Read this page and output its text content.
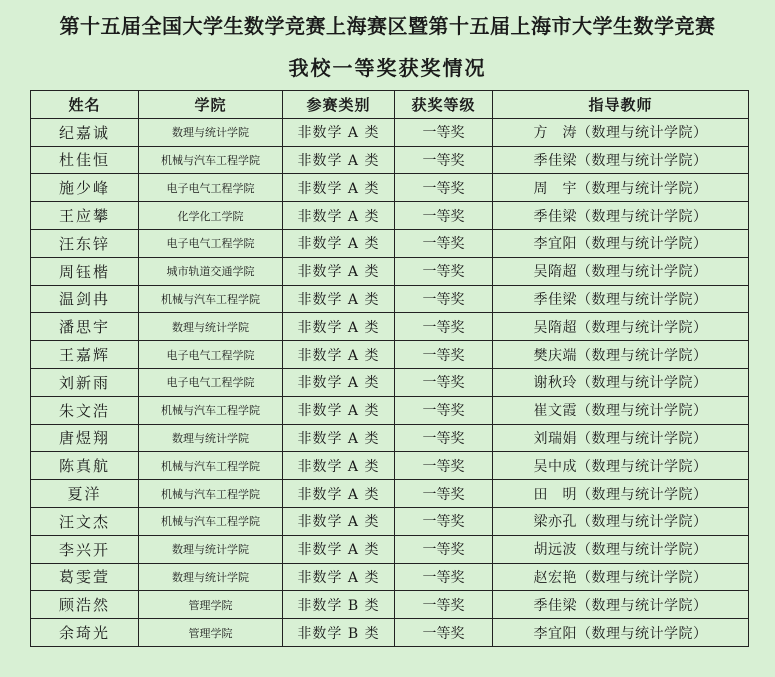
第十五届全国大学生数学竞赛上海赛区暨第十五届上海市大学生数学竞赛
我校一等奖获奖情况
姓名	学院	参赛类别	获奖等级	指导教师
纪嘉诚	数理与统计学院	非数学 A 类	一等奖	方　涛（数理与统计学院）
杜佳恒	机械与汽车工程学院	非数学 A 类	一等奖	季佳梁（数理与统计学院）
施少峰	电子电气工程学院	非数学 A 类	一等奖	周　宇（数理与统计学院）
王应攀	化学化工学院	非数学 A 类	一等奖	季佳梁（数理与统计学院）
汪东锌	电子电气工程学院	非数学 A 类	一等奖	李宜阳（数理与统计学院）
周钰楷	城市轨道交通学院	非数学 A 类	一等奖	吴隋超（数理与统计学院）
温剑冉	机械与汽车工程学院	非数学 A 类	一等奖	季佳梁（数理与统计学院）
潘思宇	数理与统计学院	非数学 A 类	一等奖	吴隋超（数理与统计学院）
王嘉辉	电子电气工程学院	非数学 A 类	一等奖	樊庆端（数理与统计学院）
刘新雨	电子电气工程学院	非数学 A 类	一等奖	谢秋玲（数理与统计学院）
朱文浩	机械与汽车工程学院	非数学 A 类	一等奖	崔文霞（数理与统计学院）
唐煜翔	数理与统计学院	非数学 A 类	一等奖	刘瑞娟（数理与统计学院）
陈真航	机械与汽车工程学院	非数学 A 类	一等奖	吴中成（数理与统计学院）
夏洋	机械与汽车工程学院	非数学 A 类	一等奖	田　明（数理与统计学院）
汪文杰	机械与汽车工程学院	非数学 A 类	一等奖	梁亦孔（数理与统计学院）
李兴开	数理与统计学院	非数学 A 类	一等奖	胡远波（数理与统计学院）
葛雯萱	数理与统计学院	非数学 A 类	一等奖	赵宏艳（数理与统计学院）
顾浩然	管理学院	非数学 B 类	一等奖	季佳梁（数理与统计学院）
余琦光	管理学院	非数学 B 类	一等奖	李宜阳（数理与统计学院）
